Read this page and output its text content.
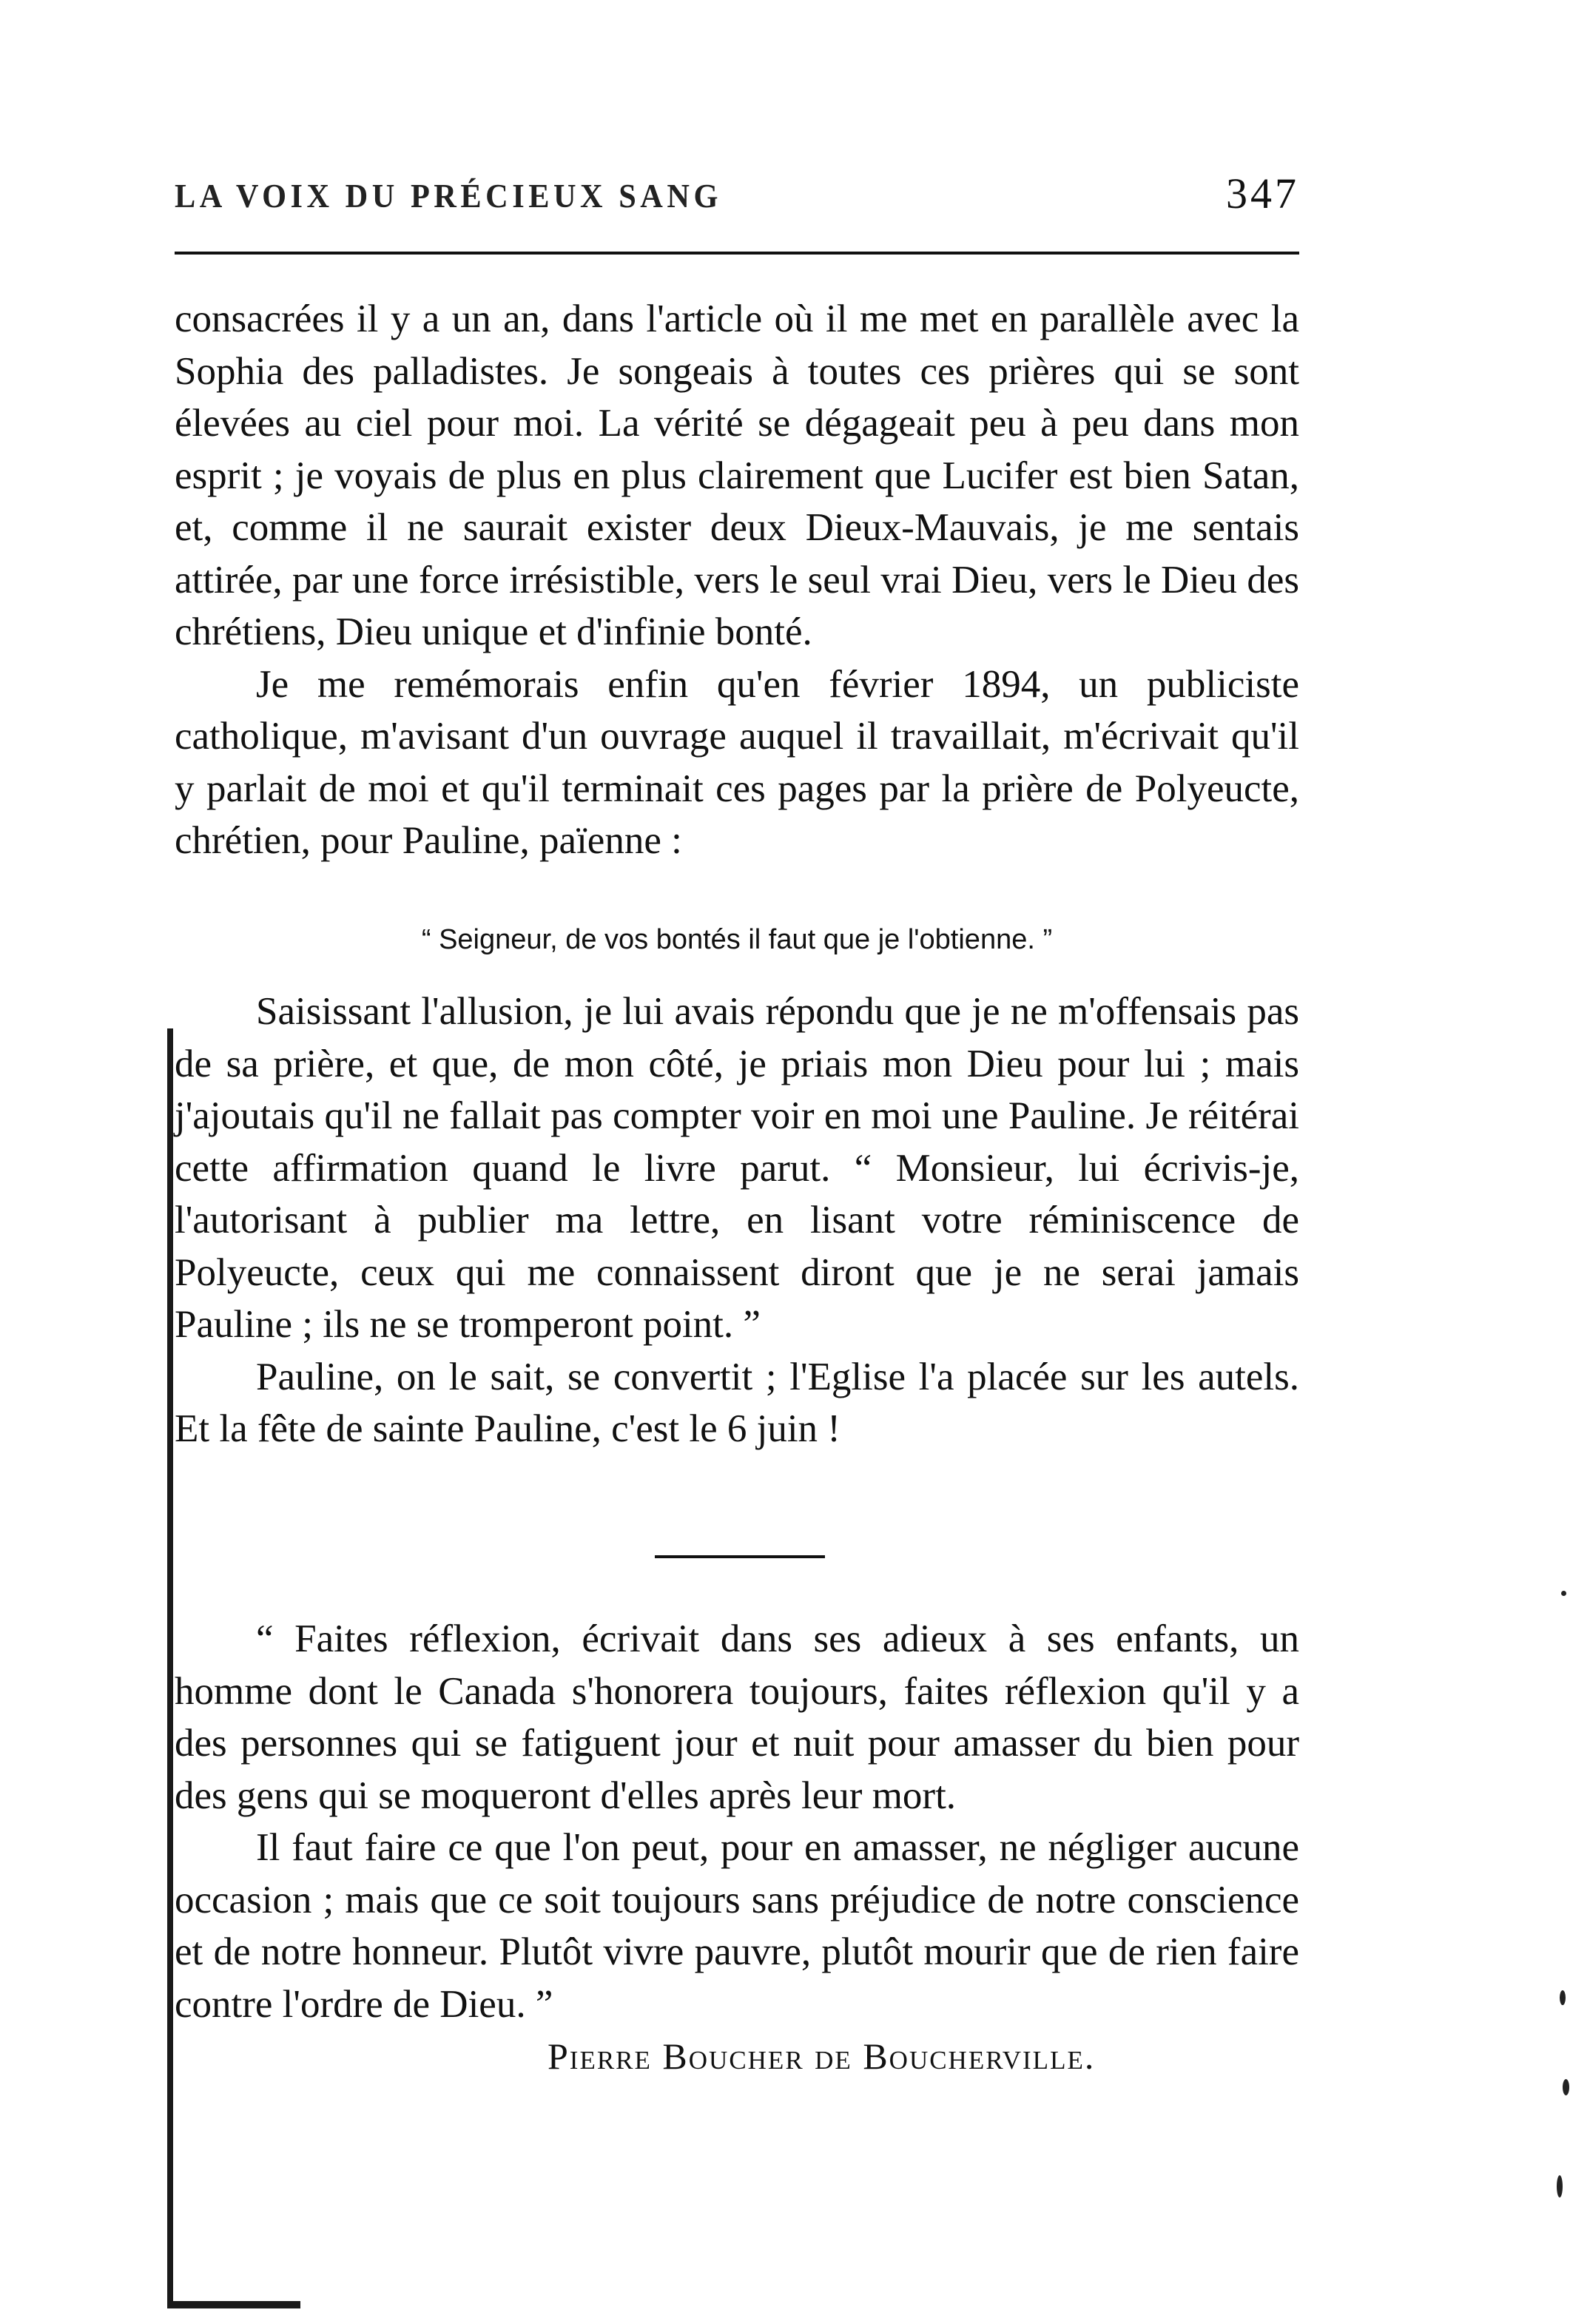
LA VOIX DU PRÉCIEUX SANG	347

consacrées il y a un an, dans l'article où il me met en parallèle avec la Sophia des palladistes. Je songeais à toutes ces prières qui se sont élevées au ciel pour moi. La vérité se dégageait peu à peu dans mon esprit ; je voyais de plus en plus clairement que Lucifer est bien Satan, et, comme il ne saurait exister deux Dieux-Mauvais, je me sentais attirée, par une force irrésistible, vers le seul vrai Dieu, vers le Dieu des chrétiens, Dieu unique et d'infinie bonté.

Je me remémorais enfin qu'en février 1894, un publiciste catholique, m'avisant d'un ouvrage auquel il travaillait, m'écrivait qu'il y parlait de moi et qu'il terminait ces pages par la prière de Polyeucte, chrétien, pour Pauline, païenne :

“ Seigneur, de vos bontés il faut que je l'obtienne. ”

Saisissant l'allusion, je lui avais répondu que je ne m'offensais pas de sa prière, et que, de mon côté, je priais mon Dieu pour lui ; mais j'ajoutais qu'il ne fallait pas compter voir en moi une Pauline. Je réitérai cette affirmation quand le livre parut. “ Monsieur, lui écrivis-je, l'autorisant à publier ma lettre, en lisant votre réminiscence de Polyeucte, ceux qui me connaissent diront que je ne serai jamais Pauline ; ils ne se tromperont point. ”

Pauline, on le sait, se convertit ; l'Eglise l'a placée sur les autels. Et la fête de sainte Pauline, c'est le 6 juin !

“ Faites réflexion, écrivait dans ses adieux à ses enfants, un homme dont le Canada s'honorera toujours, faites réflexion qu'il y a des personnes qui se fatiguent jour et nuit pour amasser du bien pour des gens qui se moqueront d'elles après leur mort.

Il faut faire ce que l'on peut, pour en amasser, ne négliger aucune occasion ; mais que ce soit toujours sans préjudice de notre conscience et de notre honneur. Plutôt vivre pauvre, plutôt mourir que de rien faire contre l'ordre de Dieu. ”

Pierre Boucher de Boucherville.
